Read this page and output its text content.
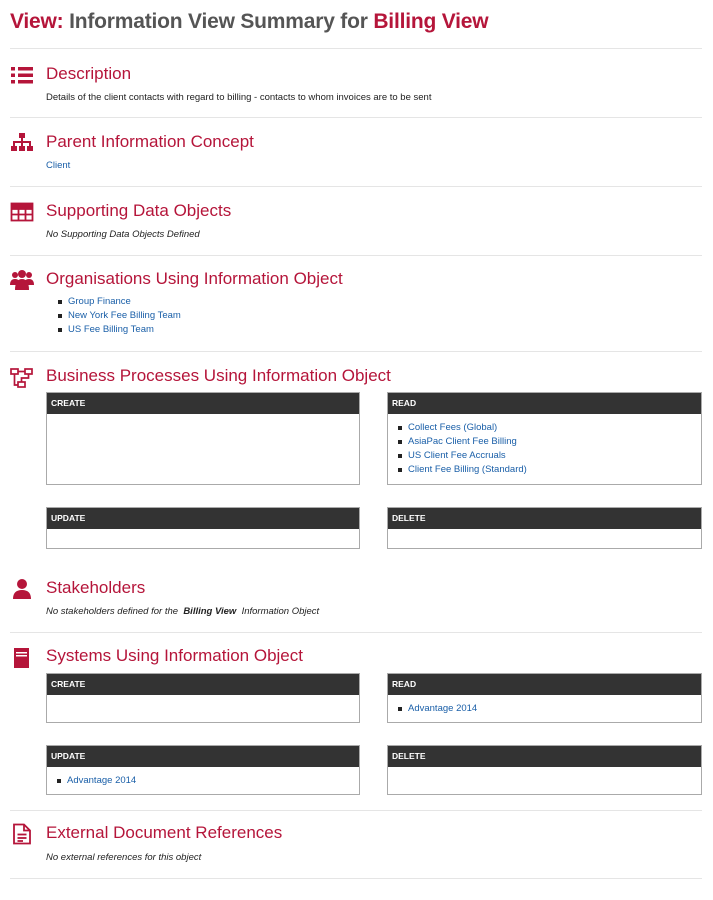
View: Information View Summary for Billing View
Description
Details of the client contacts with regard to billing - contacts to whom invoices are to be sent
Parent Information Concept
Client
Supporting Data Objects
No Supporting Data Objects Defined
Organisations Using Information Object
Group Finance
New York Fee Billing Team
US Fee Billing Team
Business Processes Using Information Object
CREATE	READ
Collect Fees (Global)
AsiaPac Client Fee Billing
US Client Fee Accruals
Client Fee Billing (Standard)
UPDATE	DELETE
Stakeholders
No stakeholders defined for the Billing View Information Object
Systems Using Information Object
CREATE	READ
Advantage 2014
UPDATE
Advantage 2014
DELETE
External Document References
No external references for this object
